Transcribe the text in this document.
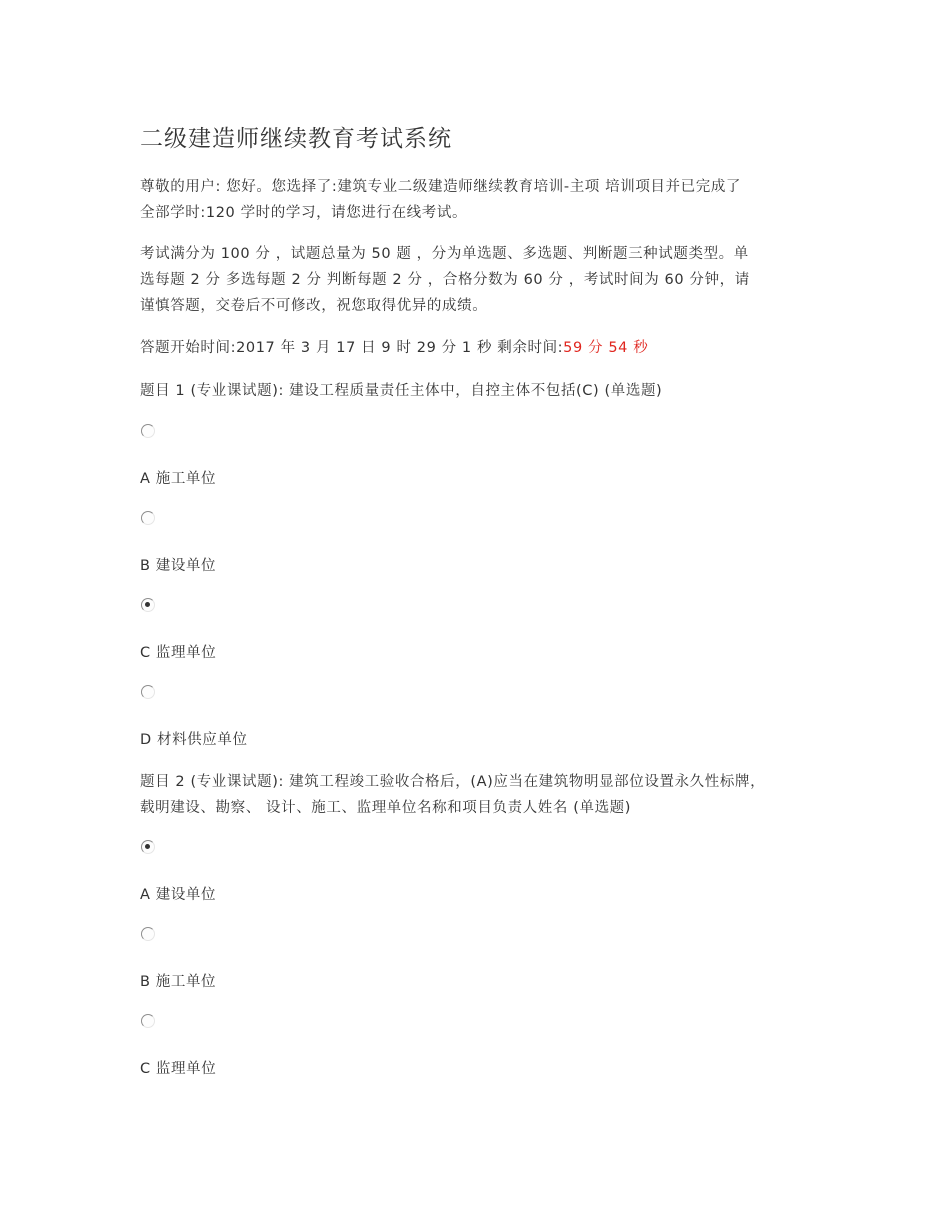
二级建造师继续教育考试系统

尊敬的用户: 您好。您选择了:建筑专业二级建造师继续教育培训-主项 培训项目并已完成了
全部学时:120 学时的学习，请您进行在线考试。

考试满分为 100 分 ，试题总量为 50 题 ，分为单选题、多选题、判断题三种试题类型。单
选每题 2 分 多选每题 2 分 判断每题 2 分 ，合格分数为 60 分 ，考试时间为 60 分钟，请
谨慎答题，交卷后不可修改，祝您取得优异的成绩。

答题开始时间:2017 年 3 月 17 日 9 时 29 分 1 秒 剩余时间:59 分 54 秒

题目 1 (专业课试题): 建设工程质量责任主体中，自控主体不包括(C) (单选题)

A 施工单位
B 建设单位
C 监理单位
D 材料供应单位

题目 2 (专业课试题): 建筑工程竣工验收合格后，(A)应当在建筑物明显部位设置永久性标牌，
载明建设、勘察、 设计、施工、监理单位名称和项目负责人姓名 (单选题)

A 建设单位
B 施工单位
C 监理单位
